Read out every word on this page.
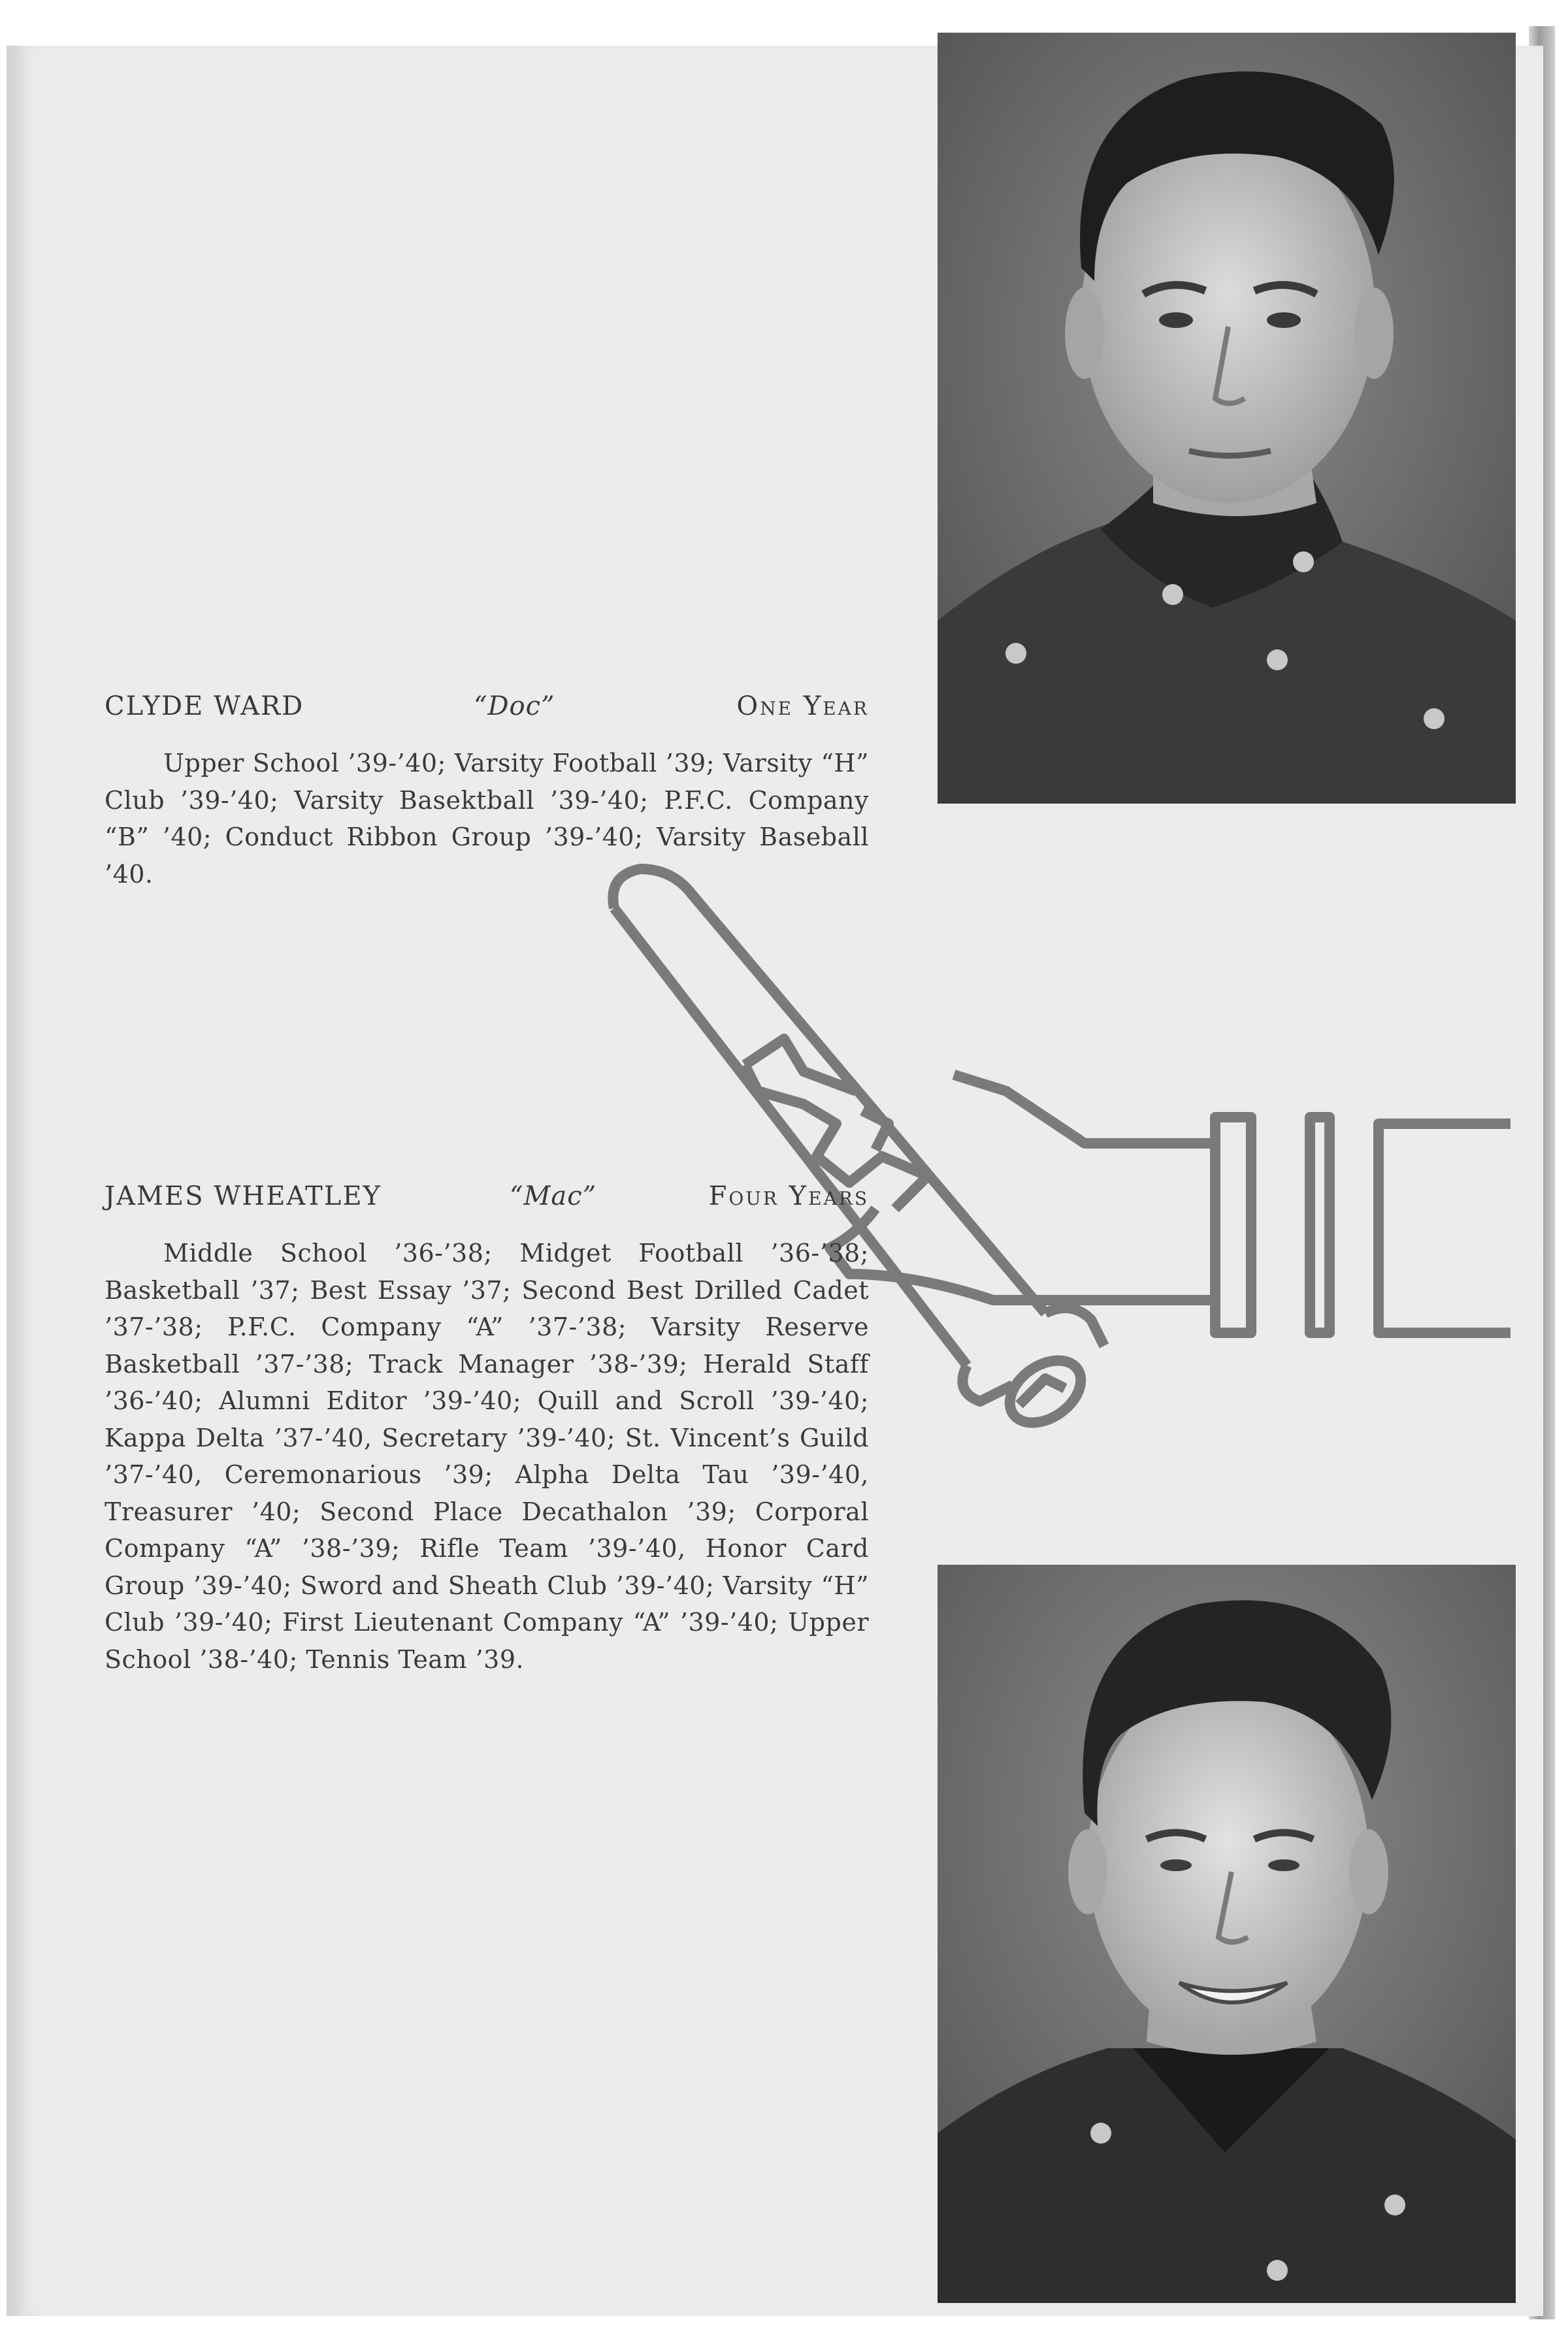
CLYDE WARD	“Doc”	One Year
Upper School ’39-’40; Varsity Football ’39; Varsity “H” Club ’39-’40; Varsity Basektball ’39-’40; P.F.C. Company “B” ’40; Conduct Ribbon Group ’39-’40; Varsity Baseball ’40.
JAMES WHEATLEY	“Mac”	Four Years
Middle School ’36-’38; Midget Football ’36-’38; Basketball ’37; Best Essay ’37; Second Best Drilled Cadet ’37-’38; P.F.C. Company “A” ’37-’38; Varsity Reserve Basketball ’37-’38; Track Manager ’38-’39; Herald Staff ’36-’40; Alumni Editor ’39-’40; Quill and Scroll ’39-’40; Kappa Delta ’37-’40, Secretary ’39-’40; St. Vincent’s Guild ’37-’40, Ceremonarious ’39; Alpha Delta Tau ’39-’40, Treasurer ’40; Second Place Decathalon ’39; Corporal Company “A” ’38-’39; Rifle Team ’39-’40, Honor Card Group ’39-’40; Sword and Sheath Club ’39-’40; Varsity “H” Club ’39-’40; First Lieutenant Company “A” ’39-’40; Upper School ’38-’40; Tennis Team ’39.
